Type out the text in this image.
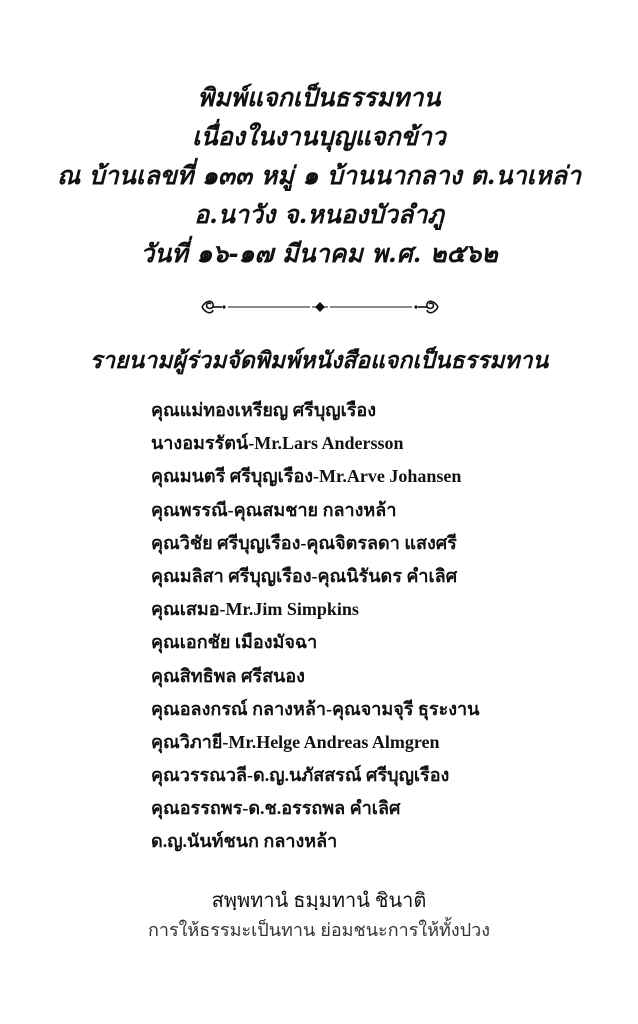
พิมพ์แจกเป็นธรรมทาน
เนื่องในงานบุญแจกข้าว
ณ บ้านเลขที่ ๑๓๓ หมู่ ๑ บ้านนากลาง ต.นาเหล่า
อ.นาวัง จ.หนองบัวลำภู
วันที่ ๑๖-๑๗ มีนาคม พ.ศ. ๒๕๖๒
รายนามผู้ร่วมจัดพิมพ์หนังสือแจกเป็นธรรมทาน
คุณแม่ทองเหรียญ ศรีบุญเรือง
นางอมรรัตน์-Mr.Lars Andersson
คุณมนตรี ศรีบุญเรือง-Mr.Arve Johansen
คุณพรรณี-คุณสมชาย กลางหล้า
คุณวิชัย ศรีบุญเรือง-คุณจิตรลดา แสงศรี
คุณมลิสา ศรีบุญเรือง-คุณนิรันดร คำเลิศ
คุณเสมอ-Mr.Jim Simpkins
คุณเอกชัย เมืองมัจฉา
คุณสิทธิพล ศรีสนอง
คุณอลงกรณ์ กลางหล้า-คุณจามจุรี ธุระงาน
คุณวิภายี-Mr.Helge Andreas Almgren
คุณวรรณวลี-ด.ญ.นภัสสรณ์ ศรีบุญเรือง
คุณอรรถพร-ด.ช.อรรถพล คำเลิศ
ด.ญ.นันท์ชนก กลางหล้า
สพฺพทานํ ธมฺมทานํ ชินาติ
การให้ธรรมะเป็นทาน ย่อมชนะการให้ทั้งปวง
